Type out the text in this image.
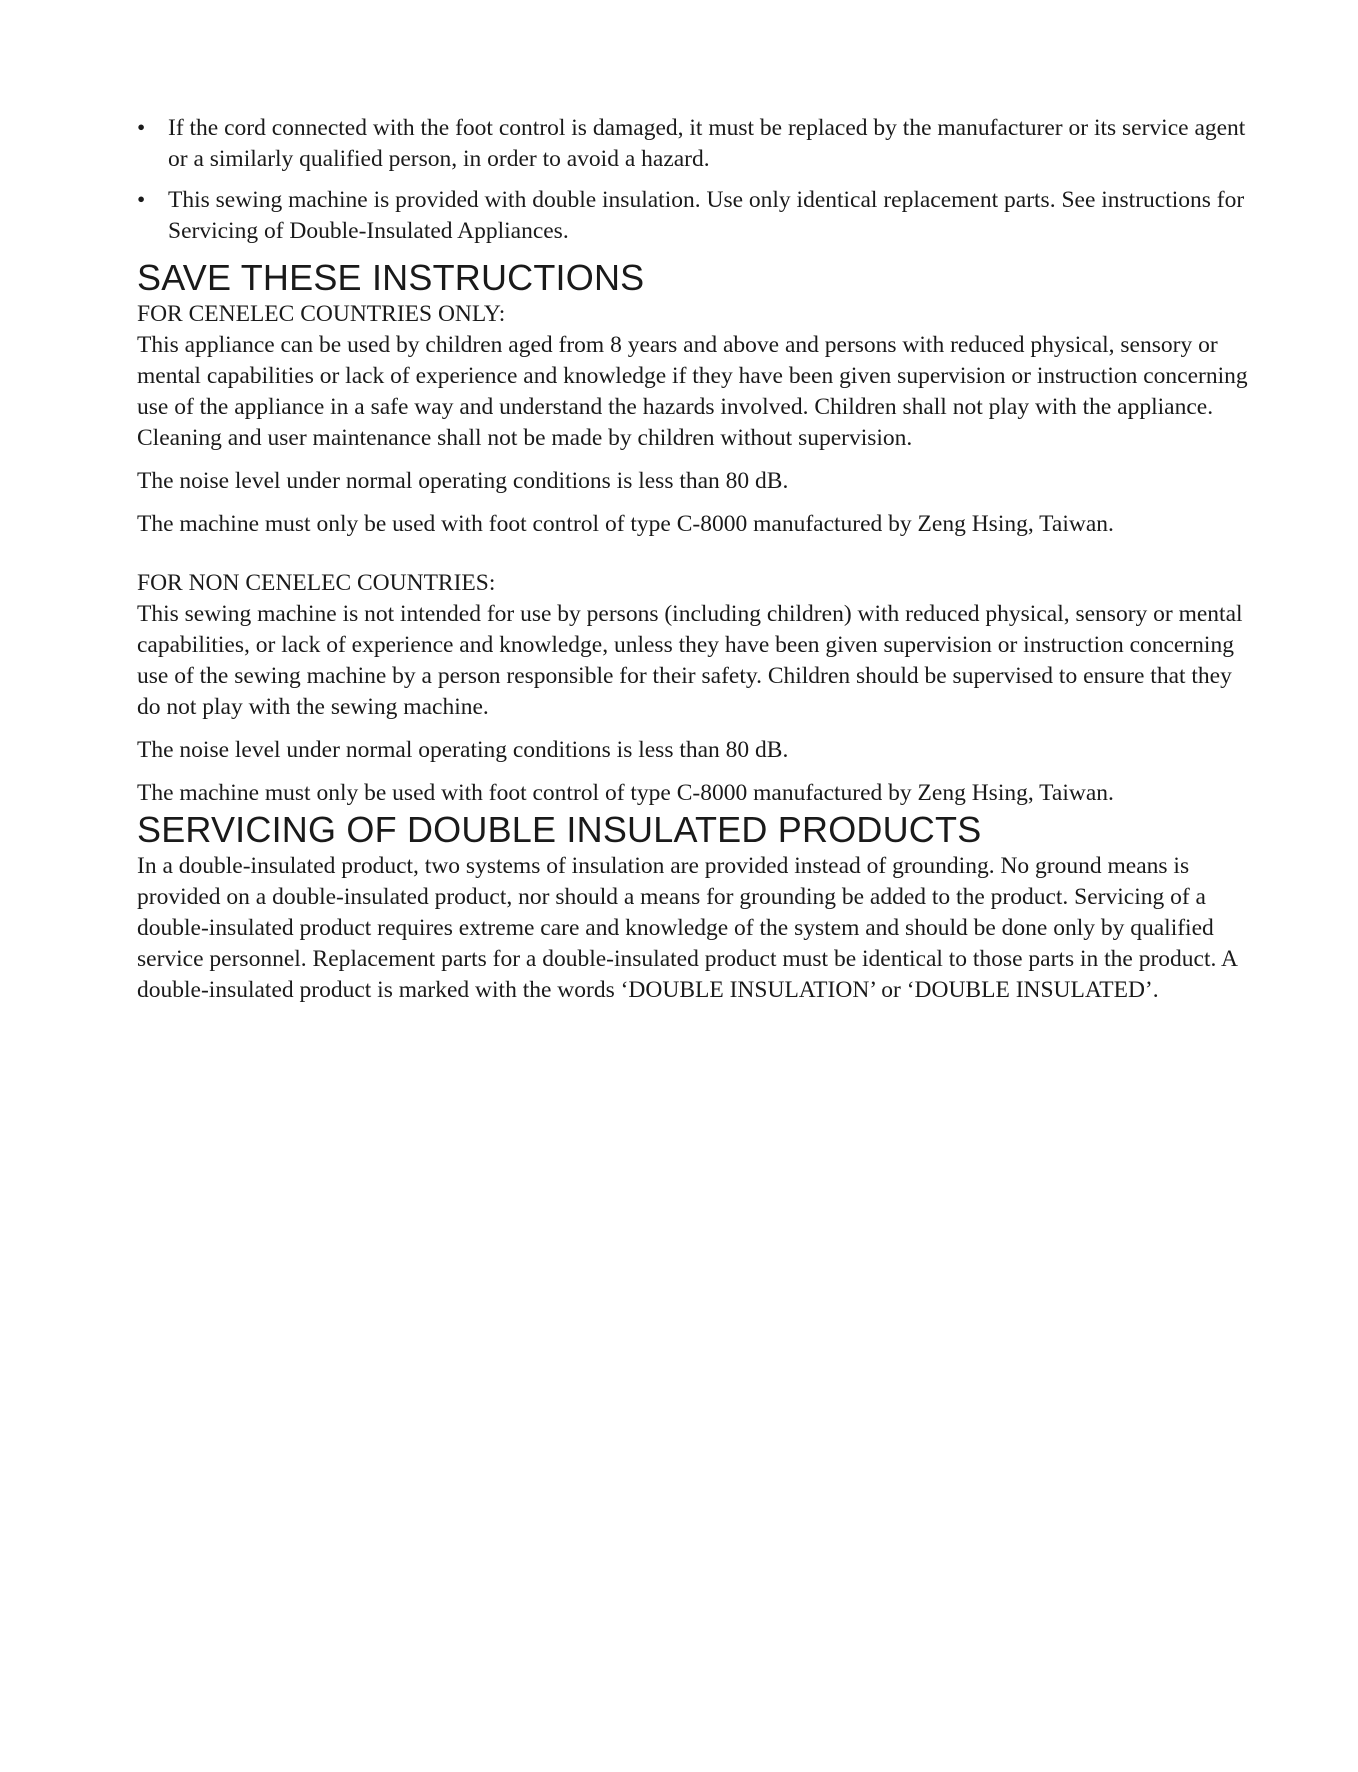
• If the cord connected with the foot control is damaged, it must be replaced by the manufacturer or its service agent or a similarly qualified person, in order to avoid a hazard.
• This sewing machine is provided with double insulation. Use only identical replacement parts. See instructions for Servicing of Double-Insulated Appliances.
SAVE THESE INSTRUCTIONS

FOR CENELEC COUNTRIES ONLY:

This appliance can be used by children aged from 8 years and above and persons with reduced physical, sensory or mental capabilities or lack of experience and knowledge if they have been given supervision or instruction concerning use of the appliance in a safe way and understand the hazards involved. Children shall not play with the appliance. Cleaning and user maintenance shall not be made by children without supervision.

The noise level under normal operating conditions is less than 80 dB.

The machine must only be used with foot control of type C-8000 manufactured by Zeng Hsing, Taiwan.

FOR NON CENELEC COUNTRIES:

This sewing machine is not intended for use by persons (including children) with reduced physical, sensory or mental capabilities, or lack of experience and knowledge, unless they have been given supervision or instruction concerning use of the sewing machine by a person responsible for their safety. Children should be supervised to ensure that they do not play with the sewing machine.

The noise level under normal operating conditions is less than 80 dB.

The machine must only be used with foot control of type C-8000 manufactured by Zeng Hsing, Taiwan.

SERVICING OF DOUBLE INSULATED PRODUCTS

In a double-insulated product, two systems of insulation are provided instead of grounding. No ground means is provided on a double-insulated product, nor should a means for grounding be added to the product. Servicing of a double-insulated product requires extreme care and knowledge of the system and should be done only by qualified service personnel. Replacement parts for a double-insulated product must be identical to those parts in the product. A double-insulated product is marked with the words ‘DOUBLE INSULATION’ or ‘DOUBLE INSULATED’.
